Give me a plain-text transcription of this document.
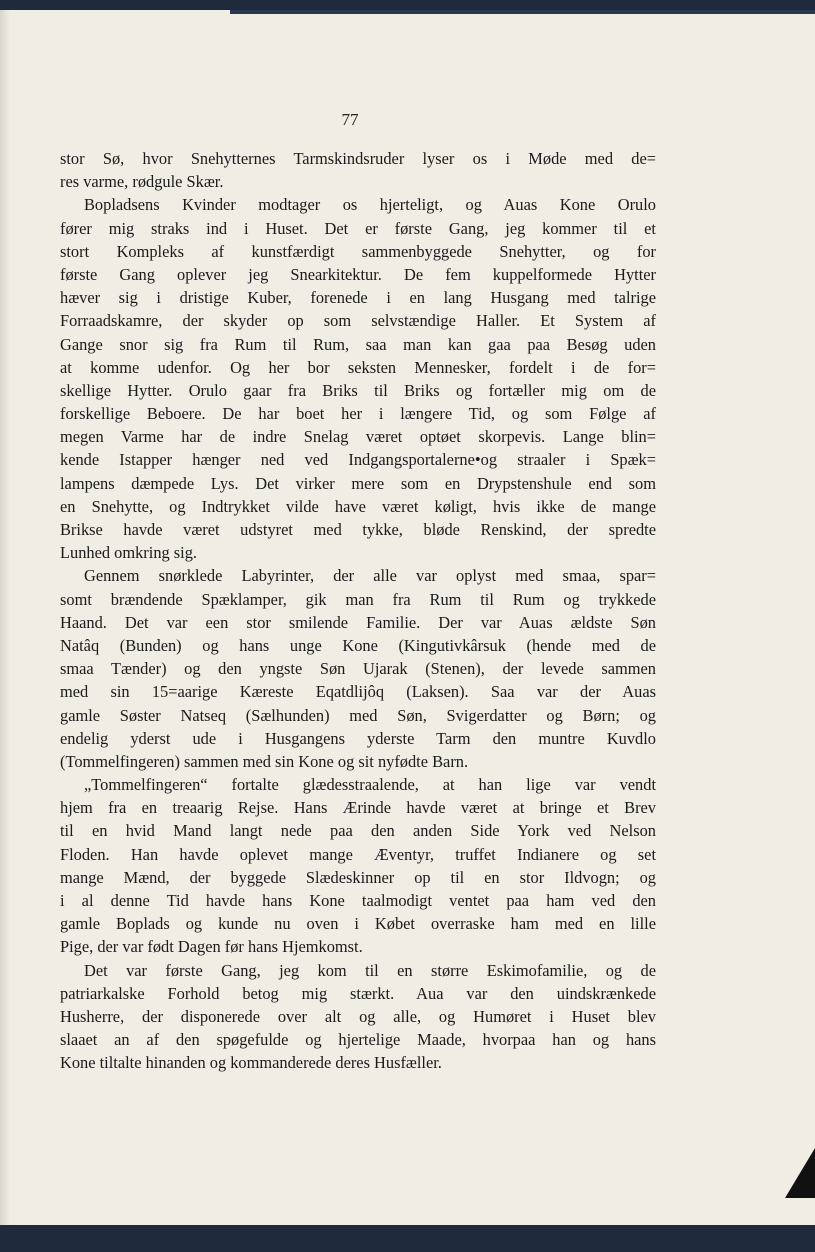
77
stor Sø, hvor Snehytternes Tarmskindsruder lyser os i Møde med de=
res varme, rødgule Skær.
Bopladsens Kvinder modtager os hjerteligt, og Auas Kone Orulo
fører mig straks ind i Huset. Det er første Gang, jeg kommer til et
stort Kompleks af kunstfærdigt sammenbyggede Snehytter, og for
første Gang oplever jeg Snearkitektur. De fem kuppelformede Hytter
hæver sig i dristige Kuber, forenede i en lang Husgang med talrige
Forraadskamre, der skyder op som selvstændige Haller. Et System af
Gange snor sig fra Rum til Rum, saa man kan gaa paa Besøg uden
at komme udenfor. Og her bor seksten Mennesker, fordelt i de for=
skellige Hytter. Orulo gaar fra Briks til Briks og fortæller mig om de
forskellige Beboere. De har boet her i længere Tid, og som Følge af
megen Varme har de indre Snelag været optøet skorpevis. Lange blin=
kende Istapper hænger ned ved Indgangsportalerne•og straaler i Spæk=
lampens dæmpede Lys. Det virker mere som en Drypstenshule end som
en Snehytte, og Indtrykket vilde have været køligt, hvis ikke de mange
Brikse havde været udstyret med tykke, bløde Renskind, der spredte
Lunhed omkring sig.
Gennem snørklede Labyrinter, der alle var oplyst med smaa, spar=
somt brændende Spæklamper, gik man fra Rum til Rum og trykkede
Haand. Det var een stor smilende Familie. Der var Auas ældste Søn
Natâq (Bunden) og hans unge Kone (Kingutivkârsuk (hende med de
smaa Tænder) og den yngste Søn Ujarak (Stenen), der levede sammen
med sin 15=aarige Kæreste Eqatdlijôq (Laksen). Saa var der Auas
gamle Søster Natseq (Sælhunden) med Søn, Svigerdatter og Børn; og
endelig yderst ude i Husgangens yderste Tarm den muntre Kuvdlo
(Tommelfingeren) sammen med sin Kone og sit nyfødte Barn.
„Tommelfingeren“ fortalte glædesstraalende, at han lige var vendt
hjem fra en treaarig Rejse. Hans Ærinde havde været at bringe et Brev
til en hvid Mand langt nede paa den anden Side York ved Nelson
Floden. Han havde oplevet mange Æventyr, truffet Indianere og set
mange Mænd, der byggede Slædeskinner op til en stor Ildvogn; og
i al denne Tid havde hans Kone taalmodigt ventet paa ham ved den
gamle Boplads og kunde nu oven i Købet overraske ham med en lille
Pige, der var født Dagen før hans Hjemkomst.
Det var første Gang, jeg kom til en større Eskimofamilie, og de
patriarkalske Forhold betog mig stærkt. Aua var den uindskrænkede
Husherre, der disponerede over alt og alle, og Humøret i Huset blev
slaaet an af den spøgefulde og hjertelige Maade, hvorpaa han og hans
Kone tiltalte hinanden og kommanderede deres Husfæller.
